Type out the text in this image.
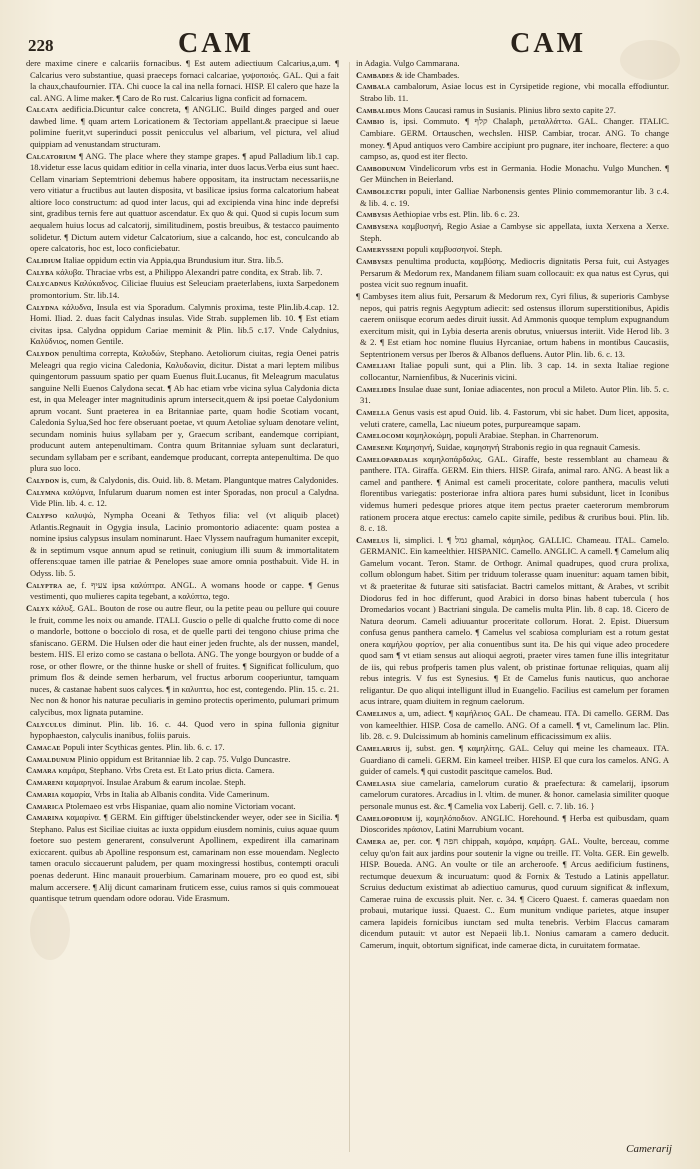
228	CAM	CAM

dere maxime cinere e calcariis fornacibus. ¶ Est autem adiectiuum Calcarius,a,um. ¶ Calcarius vero substantiue, quasi praeceps fornaci calcariae, γυψοποιός. GAL. Qui a fait la chaux,chaufournier. ITA. Chi cuoce la cal ina nella fornaci. HISP. El calero que haze la cal. ANG. A lime maker. ¶ Caro de Ro rust. Calcarius ligna conficit ad fornacem.

Calcata aedificia.Dicuntur calce concreta, ¶ ANGLIC. Build dinges parged and ouer dawbed lime. ¶ quam artem Loricationem & Tectoriam appellant.& praecipue si laeue polimine fuerit,vt superinduci possit penicculus vel albarium, vel pictura, vel aliud quippiam ad venustandam structuram.

Calcatorium ¶ ANG. The place where they stampe grapes. ¶ apud Palladium lib.1 cap. 18.videtur esse lacus quidam editior in cella vinaria, inter duos lacus.Verba eius sunt haec. Cellam vinariam Septemtrioni debemus habere oppositam, ita instructam necessariis,ne vero vitiatur a fructibus aut lauten disposita, vt basilicae ipsius forma calcatorium habeat altiore loco constructum: ad quod inter lacus, qui ad excipienda vina hinc inde deprefsi sint, gradibus ternis fere aut quattuor ascendatur. Ex quo & qui. Quod si cupis locum sum aequalem huius locus ad calcatorij, similitudinem, postis breuibus, & testacco pauimento solidetur. ¶ Dictum autem videtur Calcatorium, siue a calcando, hoc est, conculcando ab opere calcatoris, hoc est, loco conficiebatur.

Calidium Italiae oppidum ectin via Appia,qua Brundusium itur. Stra. lib.5.

Calyba κάλυβα. Thraciae vrbs est, a Philippo Alexandri patre condita, ex Strab. lib. 7.

Calycadnus Καλύκαδνος. Ciliciae fluuius est Seleuciam praeterlabens, iuxta Sarpedonem promontorium. Str. lib.14.

Calydna κάλυδνα, Insula est via Sporadum. Calymnis proxima, teste Plin.lib.4.cap. 12. Homi. Iliad. 2. duas facit Calydnas insulas. Vide Strab. supplemen lib. 10. ¶ Est etiam civitas ipsa. Calydna oppidum Cariae meminit & Plin. lib.5 c.17. Vnde Calydnius, Καλύδνιος, nomen Gentile.

Calydon penultima correpta, Καλυδών, Stephano. Aetoliorum ciuitas, regia Oenei patris Meleagri qua regio vicina Caledonia, Καλυδωνία, dicitur. Distat a mari leptem milibus quingentorum passuum spatio per quam Euenus fluit.Lucanus, fit Meleagrum maculatus sanguine Nelli Euenos Calydona secat. ¶ Ab hac etiam vrbe vicina sylua Calydonia dicta est, in qua Meleager inter magnitudinis aprum intersecit,quem & ipsi poetae Calydonium aprum vocant. Sunt praeterea in ea Britanniae parte, quam hodie Scotiam vocant, Caledonia Sylua,Sed hoc fere obseruant poetae, vt quum Aetoliae syluam denotare velint, secundam nominis huius syllabam per y, Graecum scribant, eandemque corripiant, producunt autem antepenultimam. Contra quum Britanniae syluam sunt declaraturi, secundam syllabam per e scribant, eandemque producant, correpta antepenultima. De quo plura suo loco.

Calydon is, cum, & Calydonis, dis. Ouid. lib. 8. Metam. Planguntque matres Calydonides.

Calymna καλύμνα, Infularum duarum nomen est inter Sporadas, non procul a Calydna. Vide Plin. lib. 4. c. 12.

Calypso καλυψώ, Nympha Oceani & Tethyos filia: vel (vt aliquib placet) Atlantis.Regnauit in Ogygia insula, Lacinio promontorio adiacente: quam postea a nomine ipsius calypsus insulam nominarunt. Haec Vlyssem naufragum humaniter excepit, & in septimum vsque annum apud se retinuit, coniugium illi suum & immortalitatem offerens:quae tamen ille patriae & Penelopes suae amore omnia posthabuit. Vide H. in Odyss. lib. 5.

Calyptra ae, f. צעיף ipsa καλύπτρα. ANGL. A womans hoode or cappe. ¶ Genus vestimenti, quo mulieres capita tegebant, a καλύπτω, tego.

Calyx κάλυξ. GAL. Bouton de rose ou autre fleur, ou la petite peau ou pellure qui couure le fruit, comme les noix ou amande. ITALI. Guscio o pelle di qualche frutto come di noce o mandorle, bottone o bocciolo di rosa, et de quelle parti dei tengono chiuse prima che sfaniscano. GERM. Die Hulsen oder die haut einer jeden fruchte, als der nussen, mandel, bestem. HIS. El erizo como se castana o bellota. ANG. The yonge bourgyon or budde of a rose, or other flowre, or the thinne huske or shell of fruites. ¶ Significat folliculum, quo primum flos & deinde semen herbarum, vel fructus arborum cooperiuntur, tamquam nuces, & castanae habent suos calyces. ¶ in καλυπτω, hoc est, contegendo. Plin. 15. c. 21. Nec non & honor his naturae peculiaris in gemino protectis operimento, pulumari primum calycibus, mox lignata putamine.

Calyculus diminut. Plin. lib. 16. c. 44. Quod vero in spina fullonia gignitur hypophaeston, calyculis inanibus, foliis paruis.

Camacae Populi inter Scythicas gentes. Plin. lib. 6. c. 17.

Camaldunum Plinio oppidum est Britanniae lib. 2 cap. 75. Vulgo Duncastre.

Camara καμάρα, Stephano. Vrbs Creta est. Et Lato prius dicta. Camera.

Camareni καμαρηνοί. Insulae Arabum & earum incolae. Steph.

Camaria καμαρία, Vrbs in Italia ab Albanis condita. Vide Camerinum.

Camarica Ptolemaeo est vrbs Hispaniae, quam alio nomine Victoriam vocant.

Camarina καμαρίνα. ¶ GERM. Ein gifftiger übelstinckender weyer, oder see in Sicilia. ¶ Stephano. Palus est Siciliae ciuitas ac iuxta oppidum eiusdem nominis, cuius aquae quum foetore suo pestem generarent, consulverunt Apollinem, expedirent illa camarinam exiccarent. quibus ab Apolline responsum est, camarinam non esse mouendam. Neglecto tamen oraculo siccauerunt paludem, per quam moxingressi hostibus, contempti oraculi poenas dederunt. Hinc manauit prouerbium. Camarinam mouere, pro eo quod est, sibi malum accersere. ¶ Alij dicunt camarinam fruticem esse, cuius ramos si quis commoueat quantisque tetrum quendam odore odorau. Vide Erasmum.

in Adagia. Vulgo Cammarana.

Cambades & ide Chambades.

Cambala cambalorum, Asiae locus est in Cyrsipetide regione, vbi mocalla effodiuntur. Strabo lib. 11.

Cambalidus Mons Caucasi ramus in Susianis. Plinius libro sexto capite 27.

Cambio is, ipsi. Commuto. ¶ קלף Chalaph, μεταλλάττω. GAL. Changer. ITALIC. Cambiare. GERM. Ortauschen, wechslen. HISP. Cambiar, trocar. ANG. To change money. ¶ Apud antiquos vero Cambire accipiunt pro pugnare, iter inchoare, flectere: a quo campso, as, quod est iter flecto.

Cambodunum Vindelicorum vrbs est in Germania. Hodie Monachu. Vulgo Munchen. ¶ Ger München in Beierland.

Cambolectri populi, inter Galliae Narbonensis gentes Plinio commemorantur lib. 3 c.4. & lib. 4. c. 19.

Cambysis Aethiopiae vrbs est. Plin. lib. 6 c. 23.

Cambysena καμβυσηνή, Regio Asiae a Cambyse sic appellata, iuxta Xerxena a Xerxe. Steph.

Camerysseni populi καμβυσσηνοί. Steph.

Cambyses penultima producta, καμβύσης. Mediocris dignitatis Persa fuit, cui Astyages Persarum & Medorum rex, Mandanem filiam suam collocauit: ex qua natus est Cyrus, qui postea vicit suo regnum inuafit.

¶ Cambyses item alius fuit, Persarum & Medorum rex, Cyri filius, & superioris Cambyse nepos, qui patris regnis Aegyptum adiecit: sed ostensus illorum superstitionibus, Apidis caerem oniisque ecorum aedes diruit iussit. Ad Ammonis quoque templum expugnandum exercitum misit, qui in Lybia deserta arenis obrutus, vniuersus interiit. Vide Herod lib. 3 & 2. ¶ Est etiam hoc nomine fluuius Hyrcaniae, ortum habens in montibus Caucasiis, Septentrionem versus per Iberos & Albanos defluens. Autor Plin. lib. 6. c. 13.

Cameliani Italiae populi sunt, qui a Plin. lib. 3 cap. 14. in sexta Italiae regione collocantur, Narnienfibus, & Nucerinis vicini.

Camelides Insulae duae sunt, Ioniae adiacentes, non procul a Mileto. Autor Plin. lib. 5. c. 31.

Camella Genus vasis est apud Ouid. lib. 4. Fastorum, vbi sic habet. Dum licet, apposita, veluti cratere, camella, Lac niueum potes, purpureamque sapam.

Camelocomi καμηλοκώμη, populi Arabiae. Stephan. in Charrenorum.

Camesene Καμησηνή, Suidae, καμησηνή Strabonis regio in qua regnauit Camesis.

Camelopardalis καμηλοπάρδαλις. GAL. Giraffe, beste ressemblant au chameau & panthere. ITA. Giraffa. GERM. Ein thiers. HISP. Girafa, animal raro. ANG. A beast lik a camel and panthere. ¶ Animal est cameli proceritate, colore panthera, maculis veluti florentibus variegatis: posteriorae infra altiora pares humi subsidunt, licet in Iconibus videmus humeri pedesque priores atque item pectus praeter caeterorum membrorum rationem procera atque erectus: camelo capite simile, pedibus & cruribus boui. Plin. lib. 8. c. 18.

Camelus li, simplici. l. ¶ גמל ghamal, κάμηλος. GALLIC. Chameau. ITAL. Camelo. GERMANIC. Ein kameelthier. HISPANIC. Camello. ANGLIC. A camell. ¶ Camelum aliq Gamelum vocant. Teron. Stamr. de Orthogr. Animal quadrupes, quod crura prolixa, collum oblongum habet. Sitim per triduum tolerasse quam inuenitur: aquam tamen bibit, vt & praeteritae & futurae siti satisfaciat. Bactri camelos mittant, & Arabes, vt scribit Diodorus fed in hoc differunt, quod Arabici in dorso binas habent tubercula ( hos Dromedarios vocant ) Bactriani singula. De camelis multa Plin. lib. 8 cap. 18. Cicero de Natura deorum. Cameli adiuuantur proceritate collorum. Horat. 2. Epist. Diuersum confusa genus panthera camelo. ¶ Camelus vel scabiosa compluriam est a rotum gestat onera καμήλου φορτίον, per alia conuentibus sunt ita. De his qui vique adeo procedere quod sam ¶ vt etiam sensus aut alioqui aegroti, praeter vires tamen fune illis integritatur de iis, qui rebus profperis tamen plus valent, ob pristinae fortunae reliquias, quam alij rebus integris. V fus est Synesius. ¶ Et de Camelus funis nauticus, quo anchorae religantur. De quo aliqui intelligunt illud in Euangelio. Facilius est camelum per foramen acus intrare, quam diuitem in regnum caelorum.

Camelinus a, um, adiect. ¶ καμήλειος GAL. De chameau. ITA. Di camello. GERM. Das von kameelthier. HISP. Cosa de camello. ANG. Of a camell. ¶ vt, Camelinum lac. Plin. lib. 28. c. 9. Dulcissimum ab hominis camelinum efficacissimum ex aliis.

Camelarius ij, subst. gen. ¶ καμηλίτης. GAL. Celuy qui meine les chameaux. ITA. Guardiano di cameli. GERM. Ein kameel treiber. HISP. El que cura los camelos. ANG. A guider of camels. ¶ qui custodit pascitque camelos. Bud.

Camelasia siue camelaria, camelorum curatio & praefectura: & camelarij, ipsorum camelorum curatores. Arcadius in l. vltim. de muner. & honor. camelasia similiter quoque personale munus est. &c. ¶ Camelia vox Laberij. Gell. c. 7. lib. 16. }

Camelopodium ij, καμηλόποδιον. ANGLIC. Horehound. ¶ Herba est quibusdam, quam Dioscorides πράσιον, Latini Marrubium vocant.

Camera ae, per. cor. ¶ חפה chippah, καμάρα, καμάρη. GAL. Voulte, berceau, comme celuy qu'on fait aux jardins pour soutenir la vigne ou treille. IT. Volta. GER. Ein gewelb. HISP. Boueda. ANG. An voulte or tile an archeroofe. ¶ Arcus aedificium fustinens, rectumque deuexum & incuruatum: quod & Fornix & Testudo a Latinis appellatur. Scruius deductum existimat ab adiectiuo camurus, quod curuum significat & inflexum, Camerae ruina de excussis pluit. Ner. c. 34. ¶ Cicero Quaest. f. cameras quaedam non probaui, mutarique iussi. Quaest. C.. Eum munitum vndique parietes, atque insuper camera lapideis fornicibus iunctam sed multa tenebris. Verbim Flaccus camaram dicendum putauit: vt autor est Nepaeii lib.1. Nonius camaram a camero deducit. Camerum, inquit, obtortum significat, inde camerae dicta, in curuitatem formatae.

Camerarij
